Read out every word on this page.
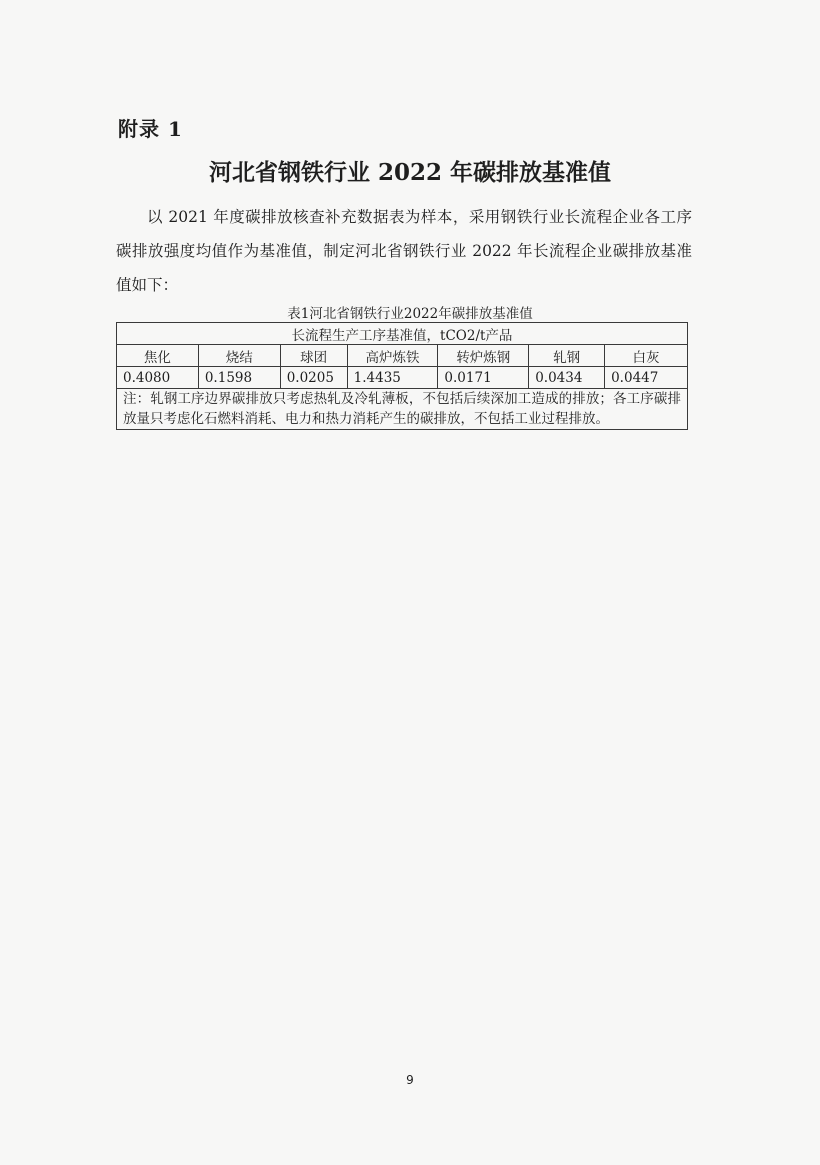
附录 1
河北省钢铁行业 2022 年碳排放基准值
以 2021 年度碳排放核查补充数据表为样本，采用钢铁行业长流程企业各工序碳排放强度均值作为基准值，制定河北省钢铁行业 2022 年长流程企业碳排放基准值如下：
表1河北省钢铁行业2022年碳排放基准值
长流程生产工序基准值，tCO2/t产品						
焦化	烧结	球团	高炉炼铁	转炉炼钢	轧钢	白灰
0.4080	0.1598	0.0205	1.4435	0.0171	0.0434	0.0447
注：轧钢工序边界碳排放只考虑热轧及冷轧薄板，不包括后续深加工造成的排放；各工序碳排放量只考虑化石燃料消耗、电力和热力消耗产生的碳排放，不包括工业过程排放。						
9
